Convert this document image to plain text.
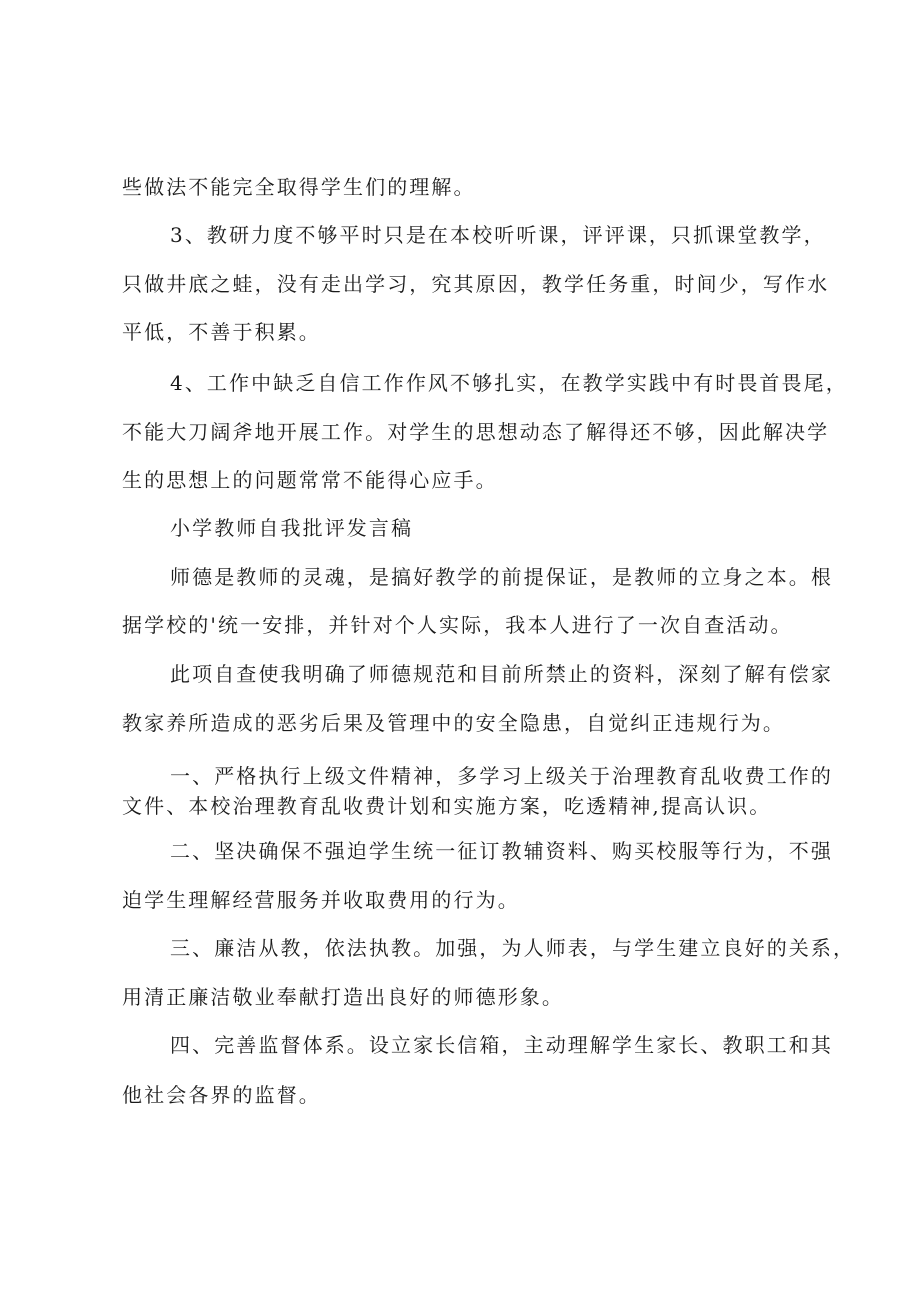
些做法不能完全取得学生们的理解。
3、教研力度不够平时只是在本校听听课，评评课，只抓课堂教学，
只做井底之蛙，没有走出学习，究其原因，教学任务重，时间少，写作水
平低，不善于积累。
4、工作中缺乏自信工作作风不够扎实，在教学实践中有时畏首畏尾，
不能大刀阔斧地开展工作。对学生的思想动态了解得还不够，因此解决学
生的思想上的问题常常不能得心应手。
小学教师自我批评发言稿
师德是教师的灵魂，是搞好教学的前提保证，是教师的立身之本。根
据学校的'统一安排，并针对个人实际，我本人进行了一次自查活动。
此项自查使我明确了师德规范和目前所禁止的资料，深刻了解有偿家
教家养所造成的恶劣后果及管理中的安全隐患，自觉纠正违规行为。
一、严格执行上级文件精神，多学习上级关于治理教育乱收费工作的
文件、本校治理教育乱收费计划和实施方案，吃透精神,提高认识。
二、坚决确保不强迫学生统一征订教辅资料、购买校服等行为，不强
迫学生理解经营服务并收取费用的行为。
三、廉洁从教，依法执教。加强，为人师表，与学生建立良好的关系，
用清正廉洁敬业奉献打造出良好的师德形象。
四、完善监督体系。设立家长信箱，主动理解学生家长、教职工和其
他社会各界的监督。
